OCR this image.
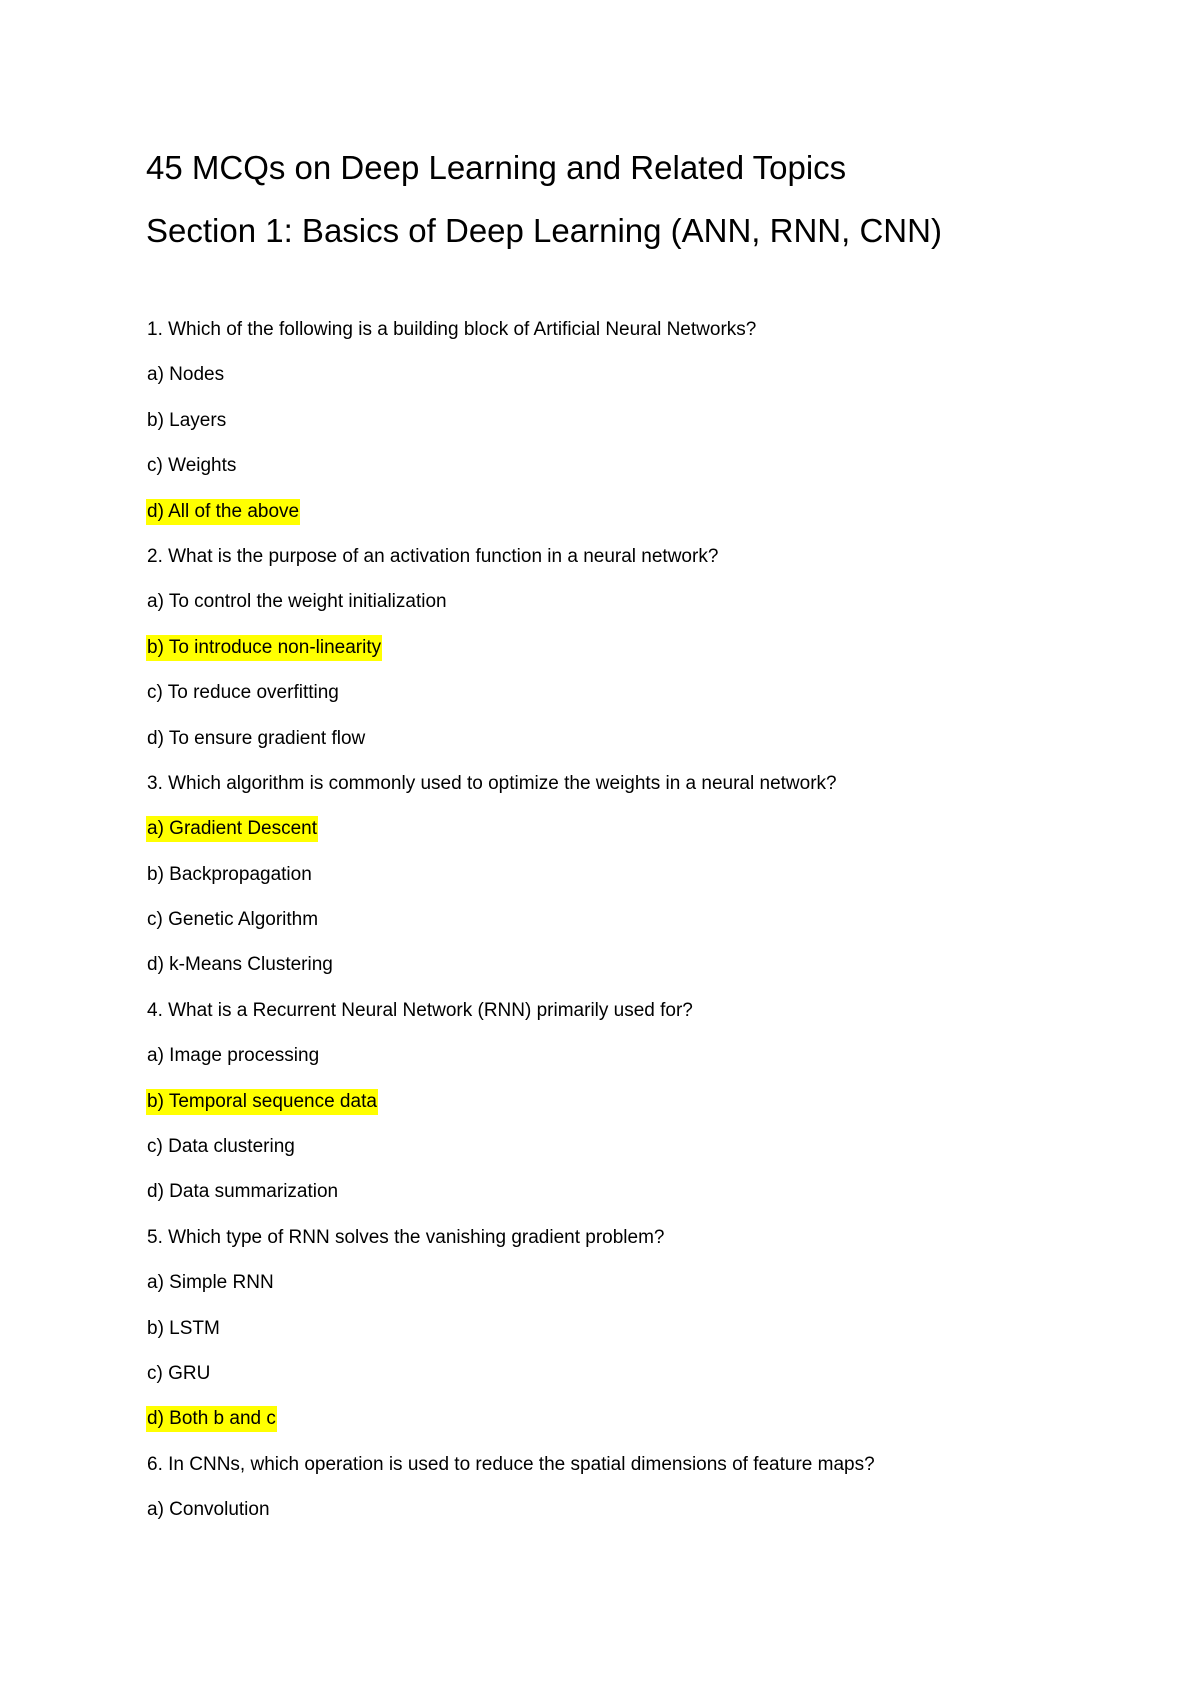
45 MCQs on Deep Learning and Related Topics
Section 1: Basics of Deep Learning (ANN, RNN, CNN)
1. Which of the following is a building block of Artificial Neural Networks?
a) Nodes
b) Layers
c) Weights
d) All of the above
2. What is the purpose of an activation function in a neural network?
a) To control the weight initialization
b) To introduce non-linearity
c) To reduce overfitting
d) To ensure gradient flow
3. Which algorithm is commonly used to optimize the weights in a neural network?
a) Gradient Descent
b) Backpropagation
c) Genetic Algorithm
d) k-Means Clustering
4. What is a Recurrent Neural Network (RNN) primarily used for?
a) Image processing
b) Temporal sequence data
c) Data clustering
d) Data summarization
5. Which type of RNN solves the vanishing gradient problem?
a) Simple RNN
b) LSTM
c) GRU
d) Both b and c
6. In CNNs, which operation is used to reduce the spatial dimensions of feature maps?
a) Convolution
